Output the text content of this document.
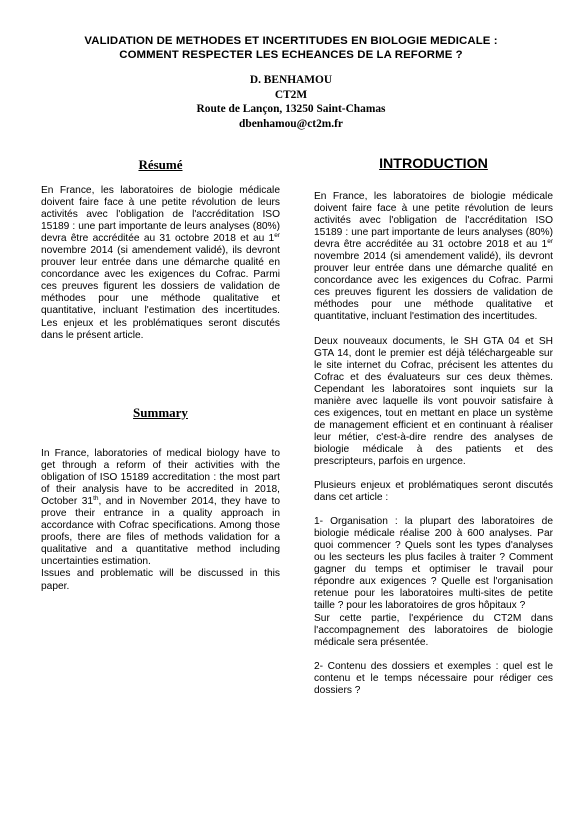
VALIDATION DE METHODES ET INCERTITUDES EN BIOLOGIE MEDICALE :
COMMENT RESPECTER LES ECHEANCES DE LA REFORME ?
D. BENHAMOU
CT2M
Route de Lançon, 13250 Saint-Chamas
dbenhamou@ct2m.fr
Résumé

En France, les laboratoires de biologie médicale doivent faire face à une petite révolution de leurs activités avec l'obligation de l'accréditation ISO 15189 : une part importante de leurs analyses (80%) devra être accréditée au 31 octobre 2018 et au 1er novembre 2014 (si amendement validé), ils devront prouver leur entrée dans une démarche qualité en concordance avec les exigences du Cofrac. Parmi ces preuves figurent les dossiers de validation de méthodes pour une méthode qualitative et quantitative, incluant l'estimation des incertitudes. Les enjeux et les problématiques seront discutés dans le présent article.

Summary

In France, laboratories of medical biology have to get through a reform of their activities with the obligation of ISO 15189 accreditation : the most part of their analysis have to be accredited in 2018, October 31th, and in November 2014, they have to prove their entrance in a quality approach in accordance with Cofrac specifications. Among those proofs, there are files of methods validation for a qualitative and a quantitative method including uncertainties estimation.

Issues and problematic will be discussed in this paper.

INTRODUCTION

En France, les laboratoires de biologie médicale doivent faire face à une petite révolution de leurs activités avec l'obligation de l'accréditation ISO 15189 : une part importante de leurs analyses (80%) devra être accréditée au 31 octobre 2018 et au 1er novembre 2014 (si amendement validé), ils devront prouver leur entrée dans une démarche qualité en concordance avec les exigences du Cofrac. Parmi ces preuves figurent les dossiers de validation de méthodes pour une méthode qualitative et quantitative, incluant l'estimation des incertitudes.

Deux nouveaux documents, le SH GTA 04 et SH GTA 14, dont le premier est déjà téléchargeable sur le site internet du Cofrac, précisent les attentes du Cofrac et des évaluateurs sur ces deux thèmes. Cependant les laboratoires sont inquiets sur la manière avec laquelle ils vont pouvoir satisfaire à ces exigences, tout en mettant en place un système de management efficient et en continuant à réaliser leur métier, c'est-à-dire rendre des analyses de biologie médicale à des patients et des prescripteurs, parfois en urgence.

Plusieurs enjeux et problématiques seront discutés dans cet article :

1- Organisation : la plupart des laboratoires de biologie médicale réalise 200 à 600 analyses. Par quoi commencer ? Quels sont les types d'analyses ou les secteurs les plus faciles à traiter ? Comment gagner du temps et optimiser le travail pour répondre aux exigences ? Quelle est l'organisation retenue pour les laboratoires multi-sites de petite taille ? pour les laboratoires de gros hôpitaux ?

Sur cette partie, l'expérience du CT2M dans l'accompagnement des laboratoires de biologie médicale sera présentée.

2- Contenu des dossiers et exemples : quel est le contenu et le temps nécessaire pour rédiger ces dossiers ?
